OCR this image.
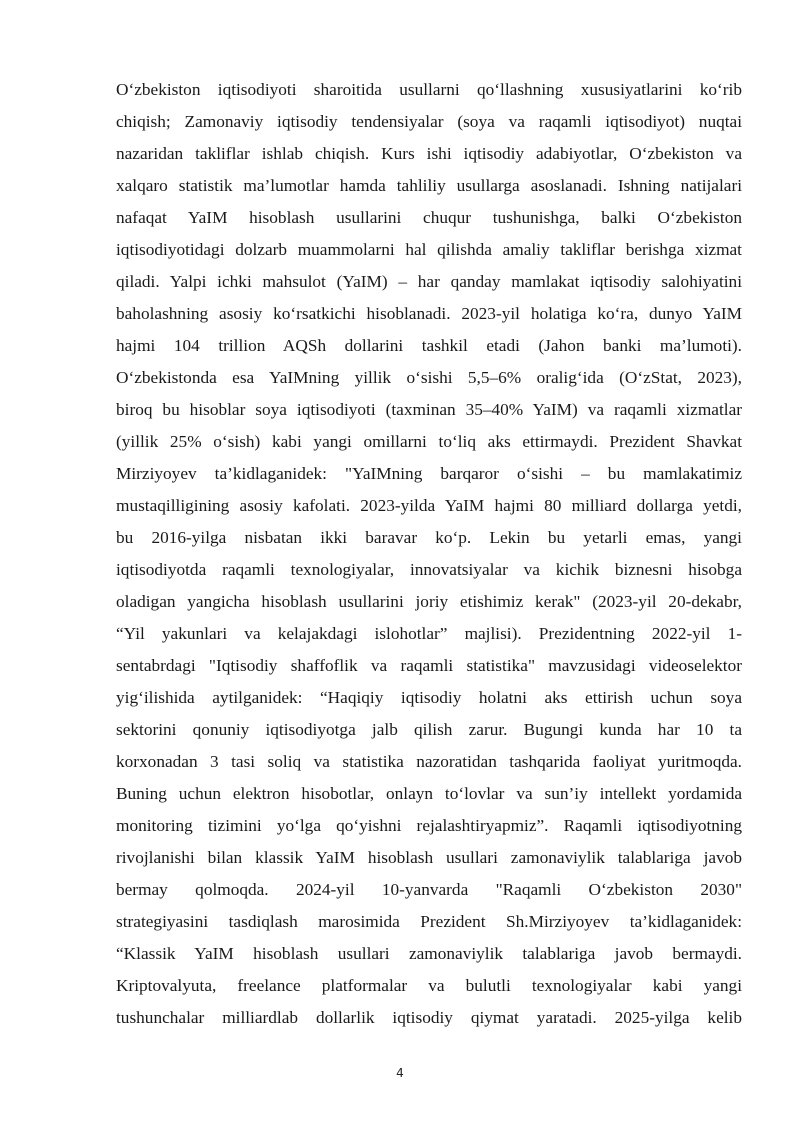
O‘zbekiston iqtisodiyoti sharoitida usullarni qo‘llashning xususiyatlarini ko‘rib
chiqish; Zamonaviy iqtisodiy tendensiyalar (soya va raqamli iqtisodiyot) nuqtai
nazaridan takliflar ishlab chiqish. Kurs ishi iqtisodiy adabiyotlar, O‘zbekiston va
xalqaro statistik ma’lumotlar hamda tahliliy usullarga asoslanadi. Ishning natijalari
nafaqat YaIM hisoblash usullarini chuqur tushunishga, balki O‘zbekiston
iqtisodiyotidagi dolzarb muammolarni hal qilishda amaliy takliflar berishga xizmat
qiladi. Yalpi ichki mahsulot (YaIM) – har qanday mamlakat iqtisodiy salohiyatini
baholashning asosiy ko‘rsatkichi hisoblanadi. 2023-yil holatiga ko‘ra, dunyo YaIM
hajmi 104 trillion AQSh dollarini tashkil etadi (Jahon banki ma’lumoti).
O‘zbekistonda esa YaIMning yillik o‘sishi 5,5–6% oralig‘ida (O‘zStat, 2023),
biroq bu hisoblar soya iqtisodiyoti (taxminan 35–40% YaIM) va raqamli xizmatlar
(yillik 25% o‘sish) kabi yangi omillarni to‘liq aks ettirmaydi. Prezident Shavkat
Mirziyoyev ta’kidlaganidek: "YaIMning barqaror o‘sishi – bu mamlakatimiz
mustaqilligining asosiy kafolati. 2023-yilda YaIM hajmi 80 milliard dollarga yetdi,
bu 2016-yilga nisbatan ikki baravar ko‘p. Lekin bu yetarli emas, yangi
iqtisodiyotda raqamli texnologiyalar, innovatsiyalar va kichik biznesni hisobga
oladigan yangicha hisoblash usullarini joriy etishimiz kerak" (2023-yil 20-dekabr,
“Yil yakunlari va kelajakdagi islohotlar” majlisi). Prezidentning 2022-yil 1-
sentabrdagi "Iqtisodiy shaffoflik va raqamli statistika" mavzusidagi videoselektor
yig‘ilishida aytilganidek: “Haqiqiy iqtisodiy holatni aks ettirish uchun soya
sektorini qonuniy iqtisodiyotga jalb qilish zarur. Bugungi kunda har 10 ta
korxonadan 3 tasi soliq va statistika nazoratidan tashqarida faoliyat yuritmoqda.
Buning uchun elektron hisobotlar, onlayn to‘lovlar va sun’iy intellekt yordamida
monitoring tizimini yo‘lga qo‘yishni rejalashtiryapmiz”. Raqamli iqtisodiyotning
rivojlanishi bilan klassik YaIM hisoblash usullari zamonaviylik talablariga javob
bermay qolmoqda. 2024-yil 10-yanvarda "Raqamli O‘zbekiston 2030"
strategiyasini tasdiqlash marosimida Prezident Sh.Mirziyoyev ta’kidlaganidek:
“Klassik YaIM hisoblash usullari zamonaviylik talablariga javob bermaydi.
Kriptovalyuta, freelance platformalar va bulutli texnologiyalar kabi yangi
tushunchalar milliardlab dollarlik iqtisodiy qiymat yaratadi. 2025-yilga kelib
4
